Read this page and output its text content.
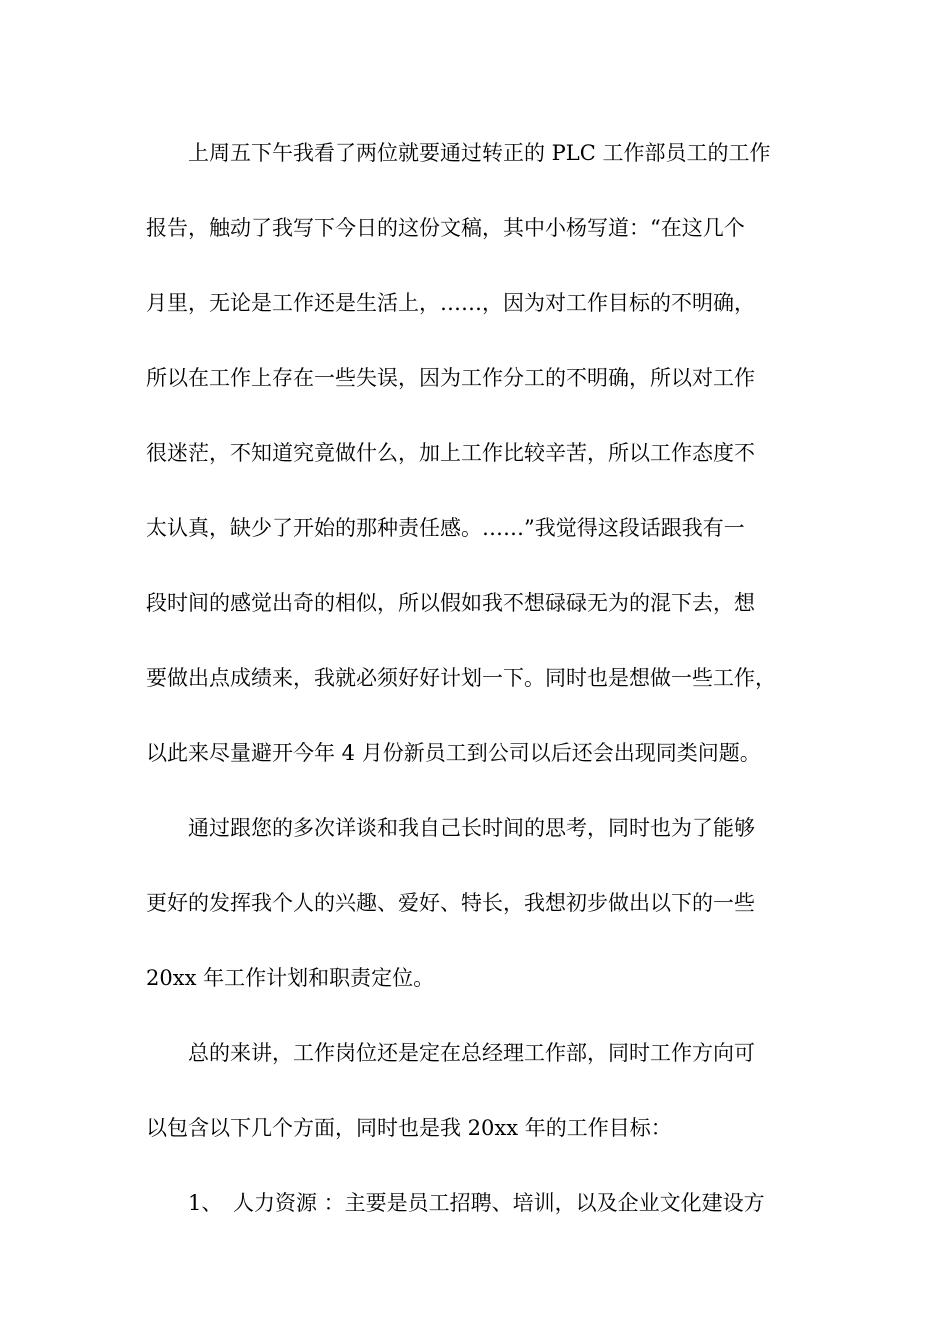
上周五下午我看了两位就要通过转正的 PLC 工作部员工的工作
报告，触动了我写下今日的这份文稿，其中小杨写道：“在这几个
月里，无论是工作还是生活上，……，因为对工作目标的不明确，
所以在工作上存在一些失误，因为工作分工的不明确，所以对工作
很迷茫，不知道究竟做什么，加上工作比较辛苦，所以工作态度不
太认真，缺少了开始的那种责任感。……”我觉得这段话跟我有一
段时间的感觉出奇的相似，所以假如我不想碌碌无为的混下去，想
要做出点成绩来，我就必须好好计划一下。同时也是想做一些工作，
以此来尽量避开今年 4 月份新员工到公司以后还会出现同类问题。
通过跟您的多次详谈和我自己长时间的思考，同时也为了能够
更好的发挥我个人的兴趣、爱好、特长，我想初步做出以下的一些
20xx 年工作计划和职责定位。
总的来讲，工作岗位还是定在总经理工作部，同时工作方向可
以包含以下几个方面，同时也是我 20xx 年的工作目标：
1、 人力资源 ：主要是员工招聘、培训，以及企业文化建设方
